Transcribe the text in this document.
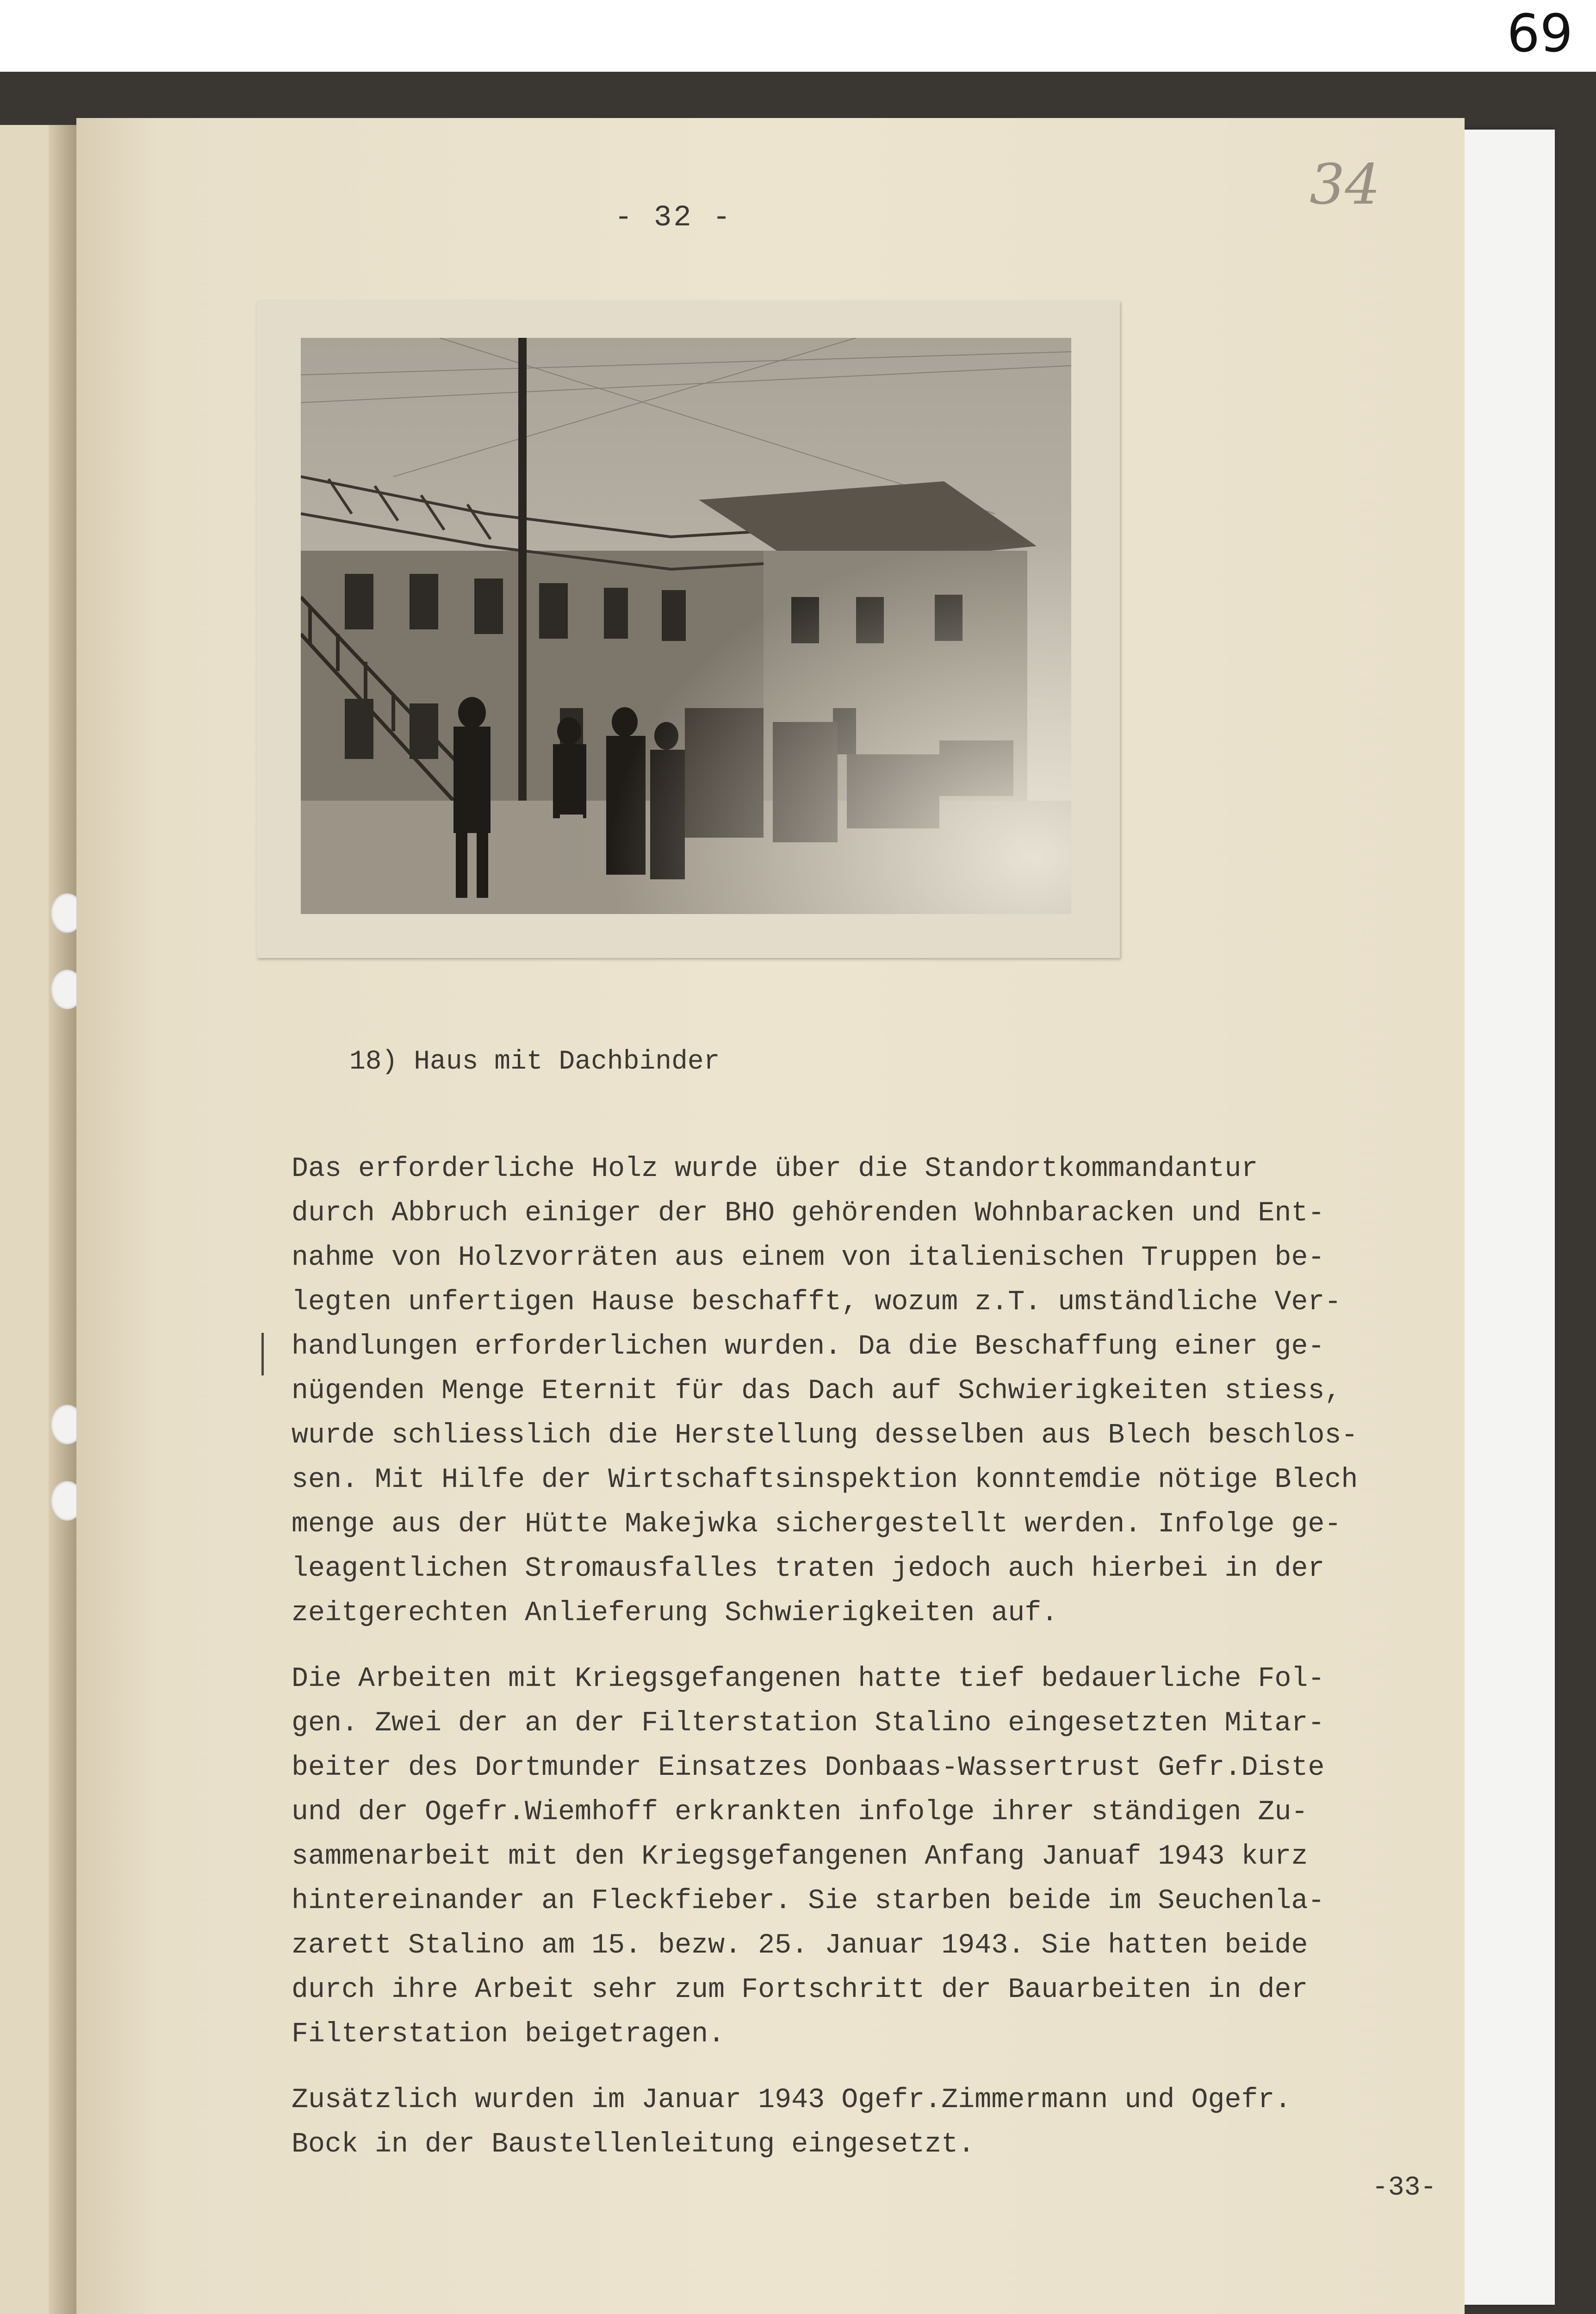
69
- 32 -
34
18) Haus mit Dachbinder
Das erforderliche Holz wurde über die Standortkommandantur
durch Abbruch einiger der BHO gehörenden Wohnbaracken und Ent-
nahme von Holzvorräten aus einem von italienischen Truppen be-
legten unfertigen Hause beschafft, wozum z.T. umständliche Ver-
handlungen erforderlichen wurden. Da die Beschaffung einer ge-
nügenden Menge Eternit für das Dach auf Schwierigkeiten stiess,
wurde schliesslich die Herstellung desselben aus Blech beschlos-
sen. Mit Hilfe der Wirtschaftsinspektion konntemdie nötige Blech
menge aus der Hütte Makejwka sichergestellt werden. Infolge ge-
leagentlichen Stromausfalles traten jedoch auch hierbei in der
zeitgerechten Anlieferung Schwierigkeiten auf.
Die Arbeiten mit Kriegsgefangenen hatte tief bedauerliche Fol-
gen. Zwei der an der Filterstation Stalino eingesetzten Mitar-
beiter des Dortmunder Einsatzes Donbaas-Wassertrust Gefr.Diste
und der Ogefr.Wiemhoff erkrankten infolge ihrer ständigen Zu-
sammenarbeit mit den Kriegsgefangenen Anfang Januaf 1943 kurz
hintereinander an Fleckfieber. Sie starben beide im Seuchenla-
zarett Stalino am 15. bezw. 25. Januar 1943. Sie hatten beide
durch ihre Arbeit sehr zum Fortschritt der Bauarbeiten in der
Filterstation beigetragen.
Zusätzlich wurden im Januar 1943 Ogefr.Zimmermann und Ogefr.
Bock in der Baustellenleitung eingesetzt.
-33-
